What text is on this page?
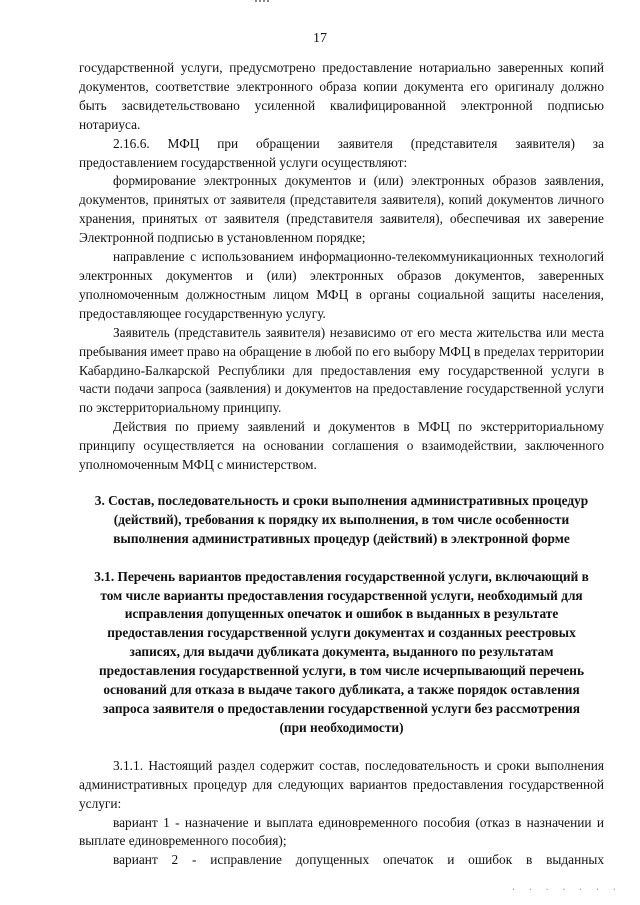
17

государственной услуги, предусмотрено предоставление нотариально заверенных копий документов, соответствие электронного образа копии документа его оригиналу должно быть засвидетельствовано усиленной квалифицированной электронной подписью нотариуса.

2.16.6. МФЦ при обращении заявителя (представителя заявителя) за предоставлением государственной услуги осуществляют:

формирование электронных документов и (или) электронных образов заявления, документов, принятых от заявителя (представителя заявителя), копий документов личного хранения, принятых от заявителя (представителя заявителя), обеспечивая их заверение Электронной подписью в установленном порядке;

направление с использованием информационно-телекоммуникационных технологий электронных документов и (или) электронных образов документов, заверенных уполномоченным должностным лицом МФЦ в органы социальной защиты населения, предоставляющее государственную услугу.

Заявитель (представитель заявителя) независимо от его места жительства или места пребывания имеет право на обращение в любой по его выбору МФЦ в пределах территории Кабардино-Балкарской Республики для предоставления ему государственной услуги в части подачи запроса (заявления) и документов на предоставление государственной услуги по экстерриториальному принципу.

Действия по приему заявлений и документов в МФЦ по экстерриториальному принципу осуществляется на основании соглашения о взаимодействии, заключенного уполномоченным МФЦ с министерством.

3. Состав, последовательность и сроки выполнения административных процедур (действий), требования к порядку их выполнения, в том числе особенности выполнения административных процедур (действий) в электронной форме

3.1. Перечень вариантов предоставления государственной услуги, включающий в том числе варианты предоставления государственной услуги, необходимый для исправления допущенных опечаток и ошибок в выданных в результате предоставления государственной услуги документах и созданных реестровых записях, для выдачи дубликата документа, выданного по результатам предоставления государственной услуги, в том числе исчерпывающий перечень оснований для отказа в выдаче такого дубликата, а также порядок оставления запроса заявителя о предоставлении государственной услуги без рассмотрения (при необходимости)

3.1.1. Настоящий раздел содержит состав, последовательность и сроки выполнения административных процедур для следующих вариантов предоставления государственной услуги:

вариант 1 - назначение и выплата единовременного пособия (отказ в назначении и выплате единовременного пособия);

вариант 2 - исправление допущенных опечаток и ошибок в выданных

· · · · · · ·
